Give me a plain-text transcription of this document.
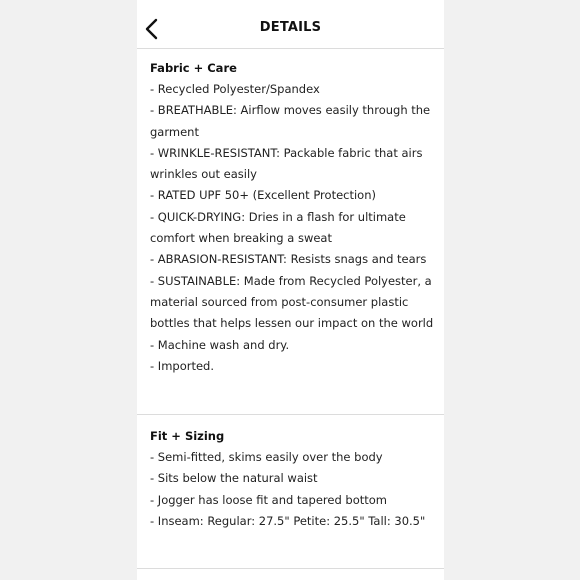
DETAILS
Fabric + Care
- Recycled Polyester/Spandex
- BREATHABLE: Airflow moves easily through the
garment
- WRINKLE-RESISTANT: Packable fabric that airs
wrinkles out easily
- RATED UPF 50+ (Excellent Protection)
- QUICK-DRYING: Dries in a flash for ultimate
comfort when breaking a sweat
- ABRASION-RESISTANT: Resists snags and tears
- SUSTAINABLE: Made from Recycled Polyester, a
material sourced from post-consumer plastic
bottles that helps lessen our impact on the world
- Machine wash and dry.
- Imported.
Fit + Sizing
- Semi-fitted, skims easily over the body
- Sits below the natural waist
- Jogger has loose fit and tapered bottom
- Inseam: Regular: 27.5" Petite: 25.5" Tall: 30.5"
